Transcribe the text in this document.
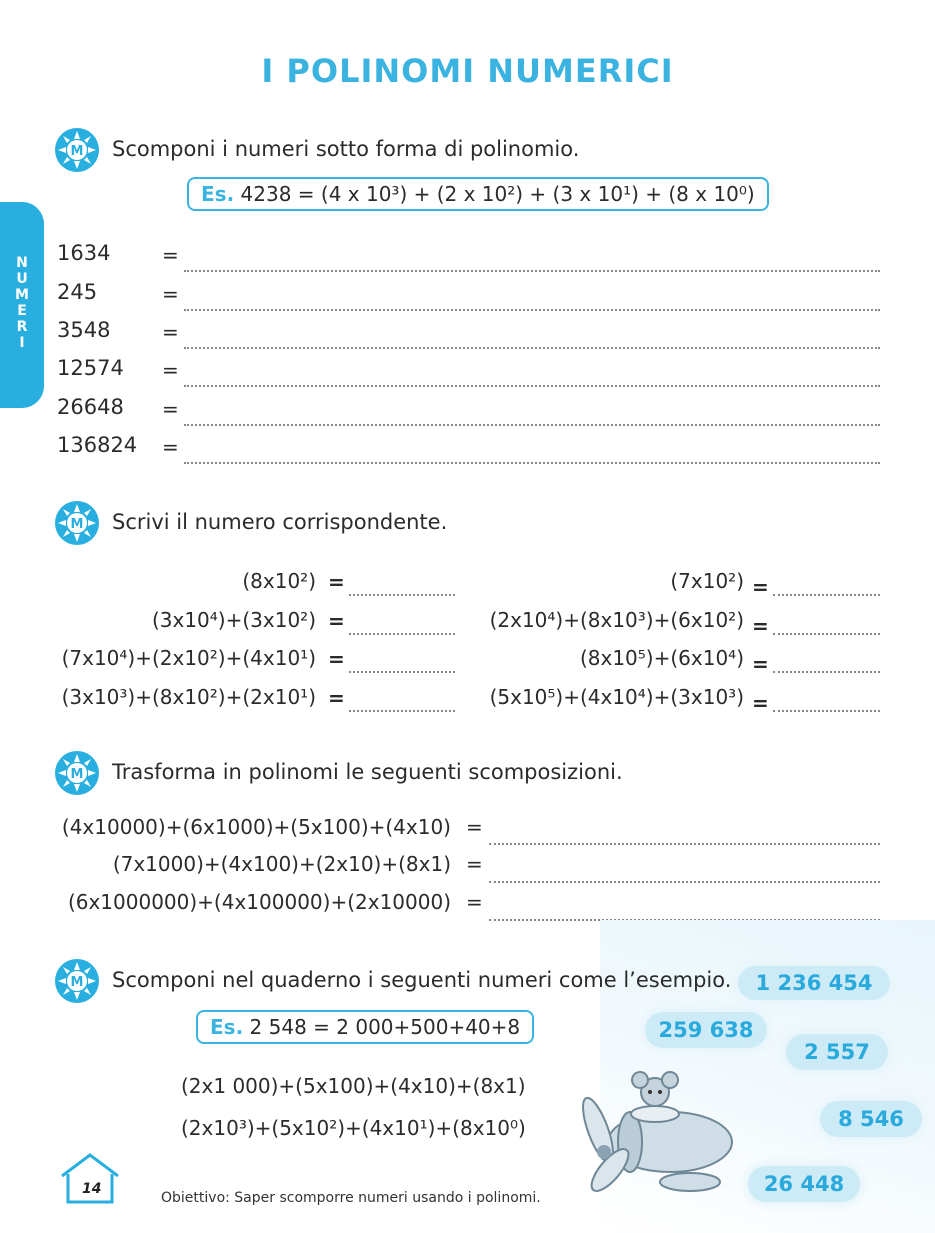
I POLINOMI NUMERICI
N
U
M
E
R
I
M Scomponi i numeri sotto forma di polinomio.
Es. 4238 = (4 x 10³) + (2 x 10²) + (3 x 10¹) + (8 x 10⁰)
1634	=
245	=
3548	=
12574 =
26648 =
136824 =
M Scrivi il numero corrispondente.
(8x10²) =	(7x10²) =
(3x10⁴)+(3x10²) =	(2x10⁴)+(8x10³)+(6x10²) =
(7x10⁴)+(2x10²)+(4x10¹) =	(8x10⁵)+(6x10⁴) =
(3x10³)+(8x10²)+(2x10¹) =	(5x10⁵)+(4x10⁴)+(3x10³) =
M Trasforma in polinomi le seguenti scomposizioni.
(4x10000)+(6x1000)+(5x100)+(4x10) =
(7x1000)+(4x100)+(2x10)+(8x1) =
(6x1000000)+(4x100000)+(2x10000) =
M Scomponi nel quaderno i seguenti numeri come l’esempio.
Es. 2 548 = 2 000+500+40+8
(2x1 000)+(5x100)+(4x10)+(8x1)
(2x10³)+(5x10²)+(4x10¹)+(8x10⁰)
1 236 454
259 638
2 557
8 546
26 448
14
Obiettivo: Saper scomporre numeri usando i polinomi.
